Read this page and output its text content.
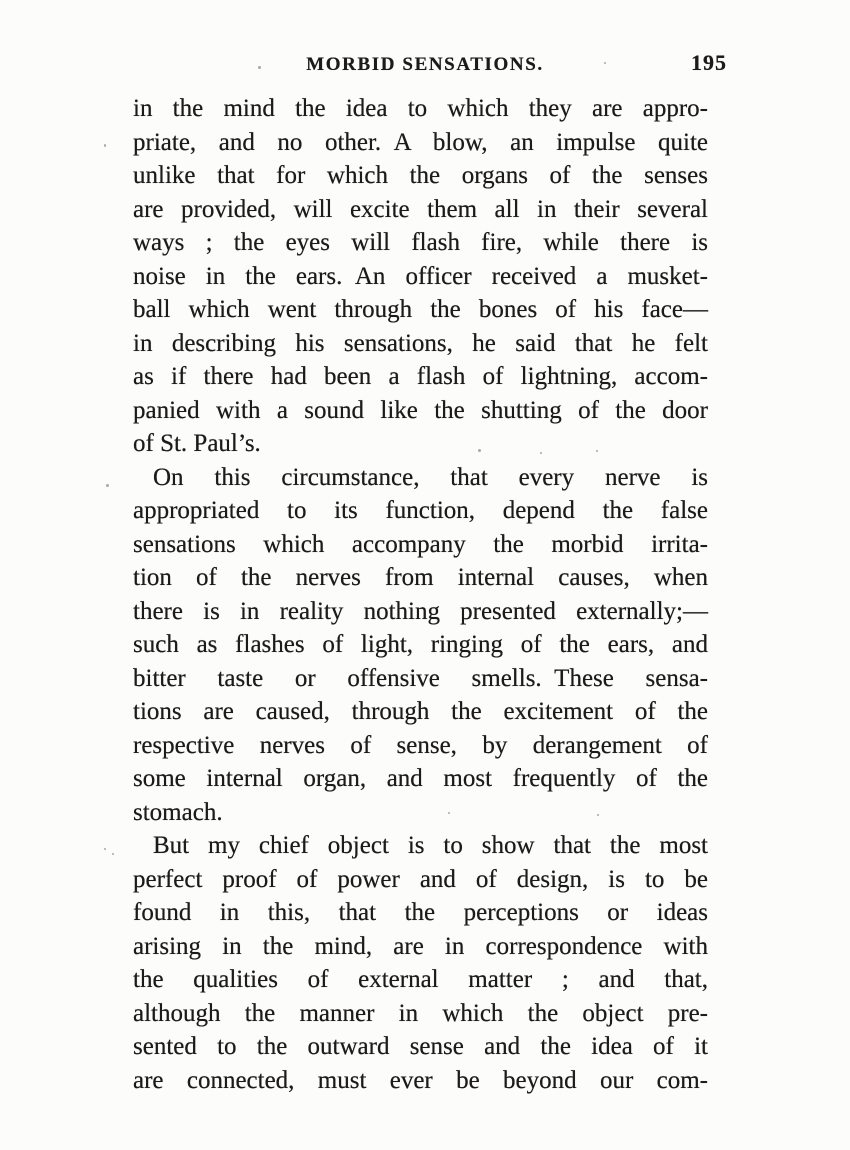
MORBID SENSATIONS.	195
in the mind the idea to which they are appro-
priate, and no other. A blow, an impulse quite
unlike that for which the organs of the senses
are provided, will excite them all in their several
ways ; the eyes will flash fire, while there is
noise in the ears. An officer received a musket-
ball which went through the bones of his face—
in describing his sensations, he said that he felt
as if there had been a flash of lightning, accom-
panied with a sound like the shutting of the door
of St. Paul’s.
On this circumstance, that every nerve is
appropriated to its function, depend the false
sensations which accompany the morbid irrita-
tion of the nerves from internal causes, when
there is in reality nothing presented externally;—
such as flashes of light, ringing of the ears, and
bitter taste or offensive smells. These sensa-
tions are caused, through the excitement of the
respective nerves of sense, by derangement of
some internal organ, and most frequently of the
stomach.
But my chief object is to show that the most
perfect proof of power and of design, is to be
found in this, that the perceptions or ideas
arising in the mind, are in correspondence with
the qualities of external matter ; and that,
although the manner in which the object pre-
sented to the outward sense and the idea of it
are connected, must ever be beyond our com-
